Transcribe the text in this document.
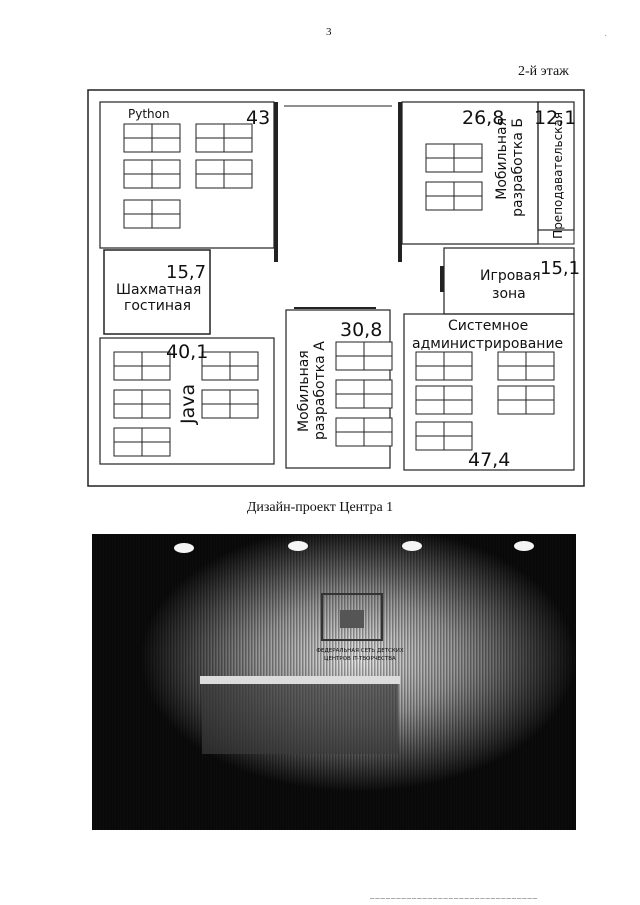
3
2-й этаж
·
Python	43	26,8
Мобильная разработка Б 12,1
Преподавательская
15,7
Шахматная
гостиная
15,1
Игровая
зона
40,1
Java
30,8
Мобильная разработка А
Системное
администрирование
47,4
Дизайн-проект Центра 1
ФЕДЕРАЛЬНАЯ СЕТЬ ДЕТСКИХ
ЦЕНТРОВ IT-ТВОРЧЕСТВА
────────────────────────────────
